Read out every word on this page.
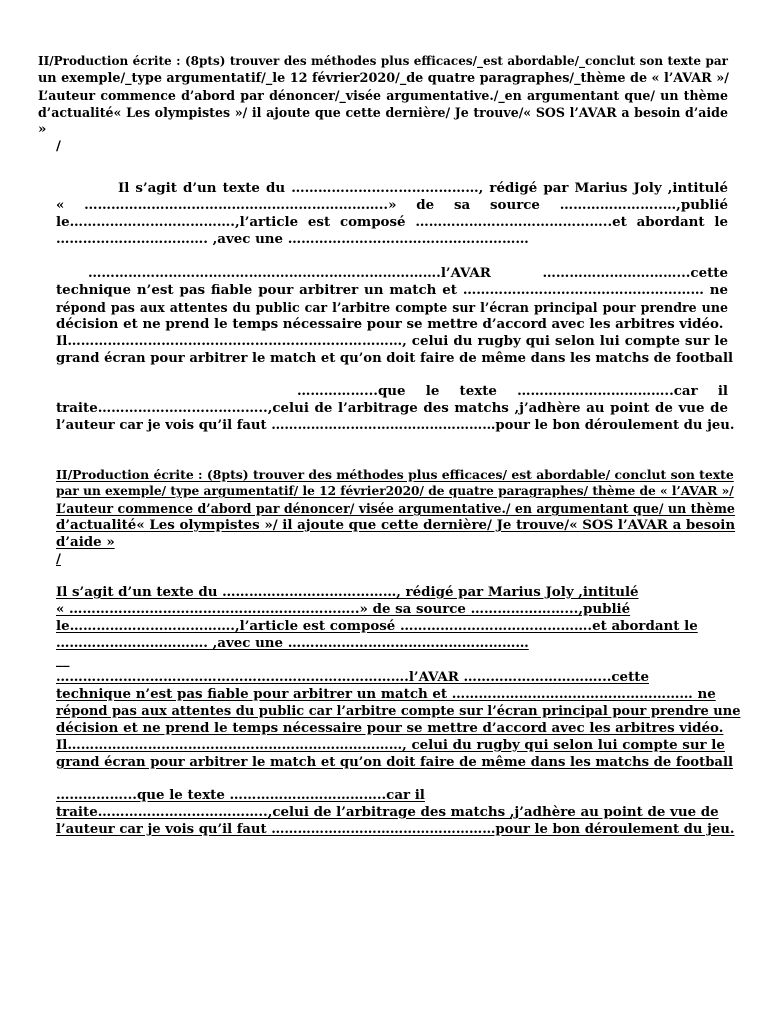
II/Production écrite : (8pts) trouver des méthodes plus efficaces/_est abordable/_conclut son texte par
un exemple/_type argumentatif/_le 12 février2020/_de quatre paragraphes/_thème de « l’AVAR »/
L’auteur commence d’abord par dénoncer/_visée argumentative./_en argumentant que/ un thème
d’actualité« Les olympistes »/ il ajoute que cette dernière/ Je trouve/« SOS l’AVAR a besoin d’aide
»
/
Il s’agit d’un texte du ……………………………………, rédigé par Marius Joly ,intitulé
« …………………………………………………………..» de sa source …………………..…,publié
le……………………………….,l’article est composé ……………………………………..et abordant le
……………………………. ,avec une ………………………………………………
…………………………………………………………………….l’AVAR …………………………...cette
technique n’est pas fiable pour arbitrer un match et ……………………………………………… ne
répond pas aux attentes du public car l’arbitre compte sur l’écran principal pour prendre une
décision et ne prend le temps nécessaire pour se mettre d’accord avec les arbitres vidéo.
Il…………………………………………………………………, celui du rugby qui selon lui compte sur le
grand écran pour arbitrer le match et qu’on doit faire de même dans les matchs de football
……………...que le texte ……………………………..car il
traite………………………………..,celui de l’arbitrage des matchs ,j’adhère au point de vue de
l’auteur car je vois qu’il faut ……………………………………………pour le bon déroulement du jeu.
II/Production écrite : (8pts) trouver des méthodes plus efficaces/ est abordable/ conclut son texte
par un exemple/ type argumentatif/ le 12 février2020/ de quatre paragraphes/ thème de « l’AVAR »/
L’auteur commence d’abord par dénoncer/ visée argumentative./ en argumentant que/ un thème
d’actualité« Les olympistes »/ il ajoute que cette dernière/ Je trouve/« SOS l’AVAR a besoin
d’aide »
/
Il s’agit d’un texte du …………………………………, rédigé par Marius Joly ,intitulé
« ………………………………………………………..» de sa source …………………...,publié
le……………………………….,l’article est composé …………………………………….et abordant le
……………………………. ,avec une ………………………………………………
__
…………………………………………………………………….l’AVAR …………………………...cette
technique n’est pas fiable pour arbitrer un match et ……………………………………………… ne
répond pas aux attentes du public car l’arbitre compte sur l’écran principal pour prendre une
décision et ne prend le temps nécessaire pour se mettre d’accord avec les arbitres vidéo.
Il…………………………………………………………………, celui du rugby qui selon lui compte sur le
grand écran pour arbitrer le match et qu’on doit faire de même dans les matchs de football
……………...que le texte ……………………………..car il
traite………………………………..,celui de l’arbitrage des matchs ,j’adhère au point de vue de
l’auteur car je vois qu’il faut ……………………………………………pour le bon déroulement du jeu.
